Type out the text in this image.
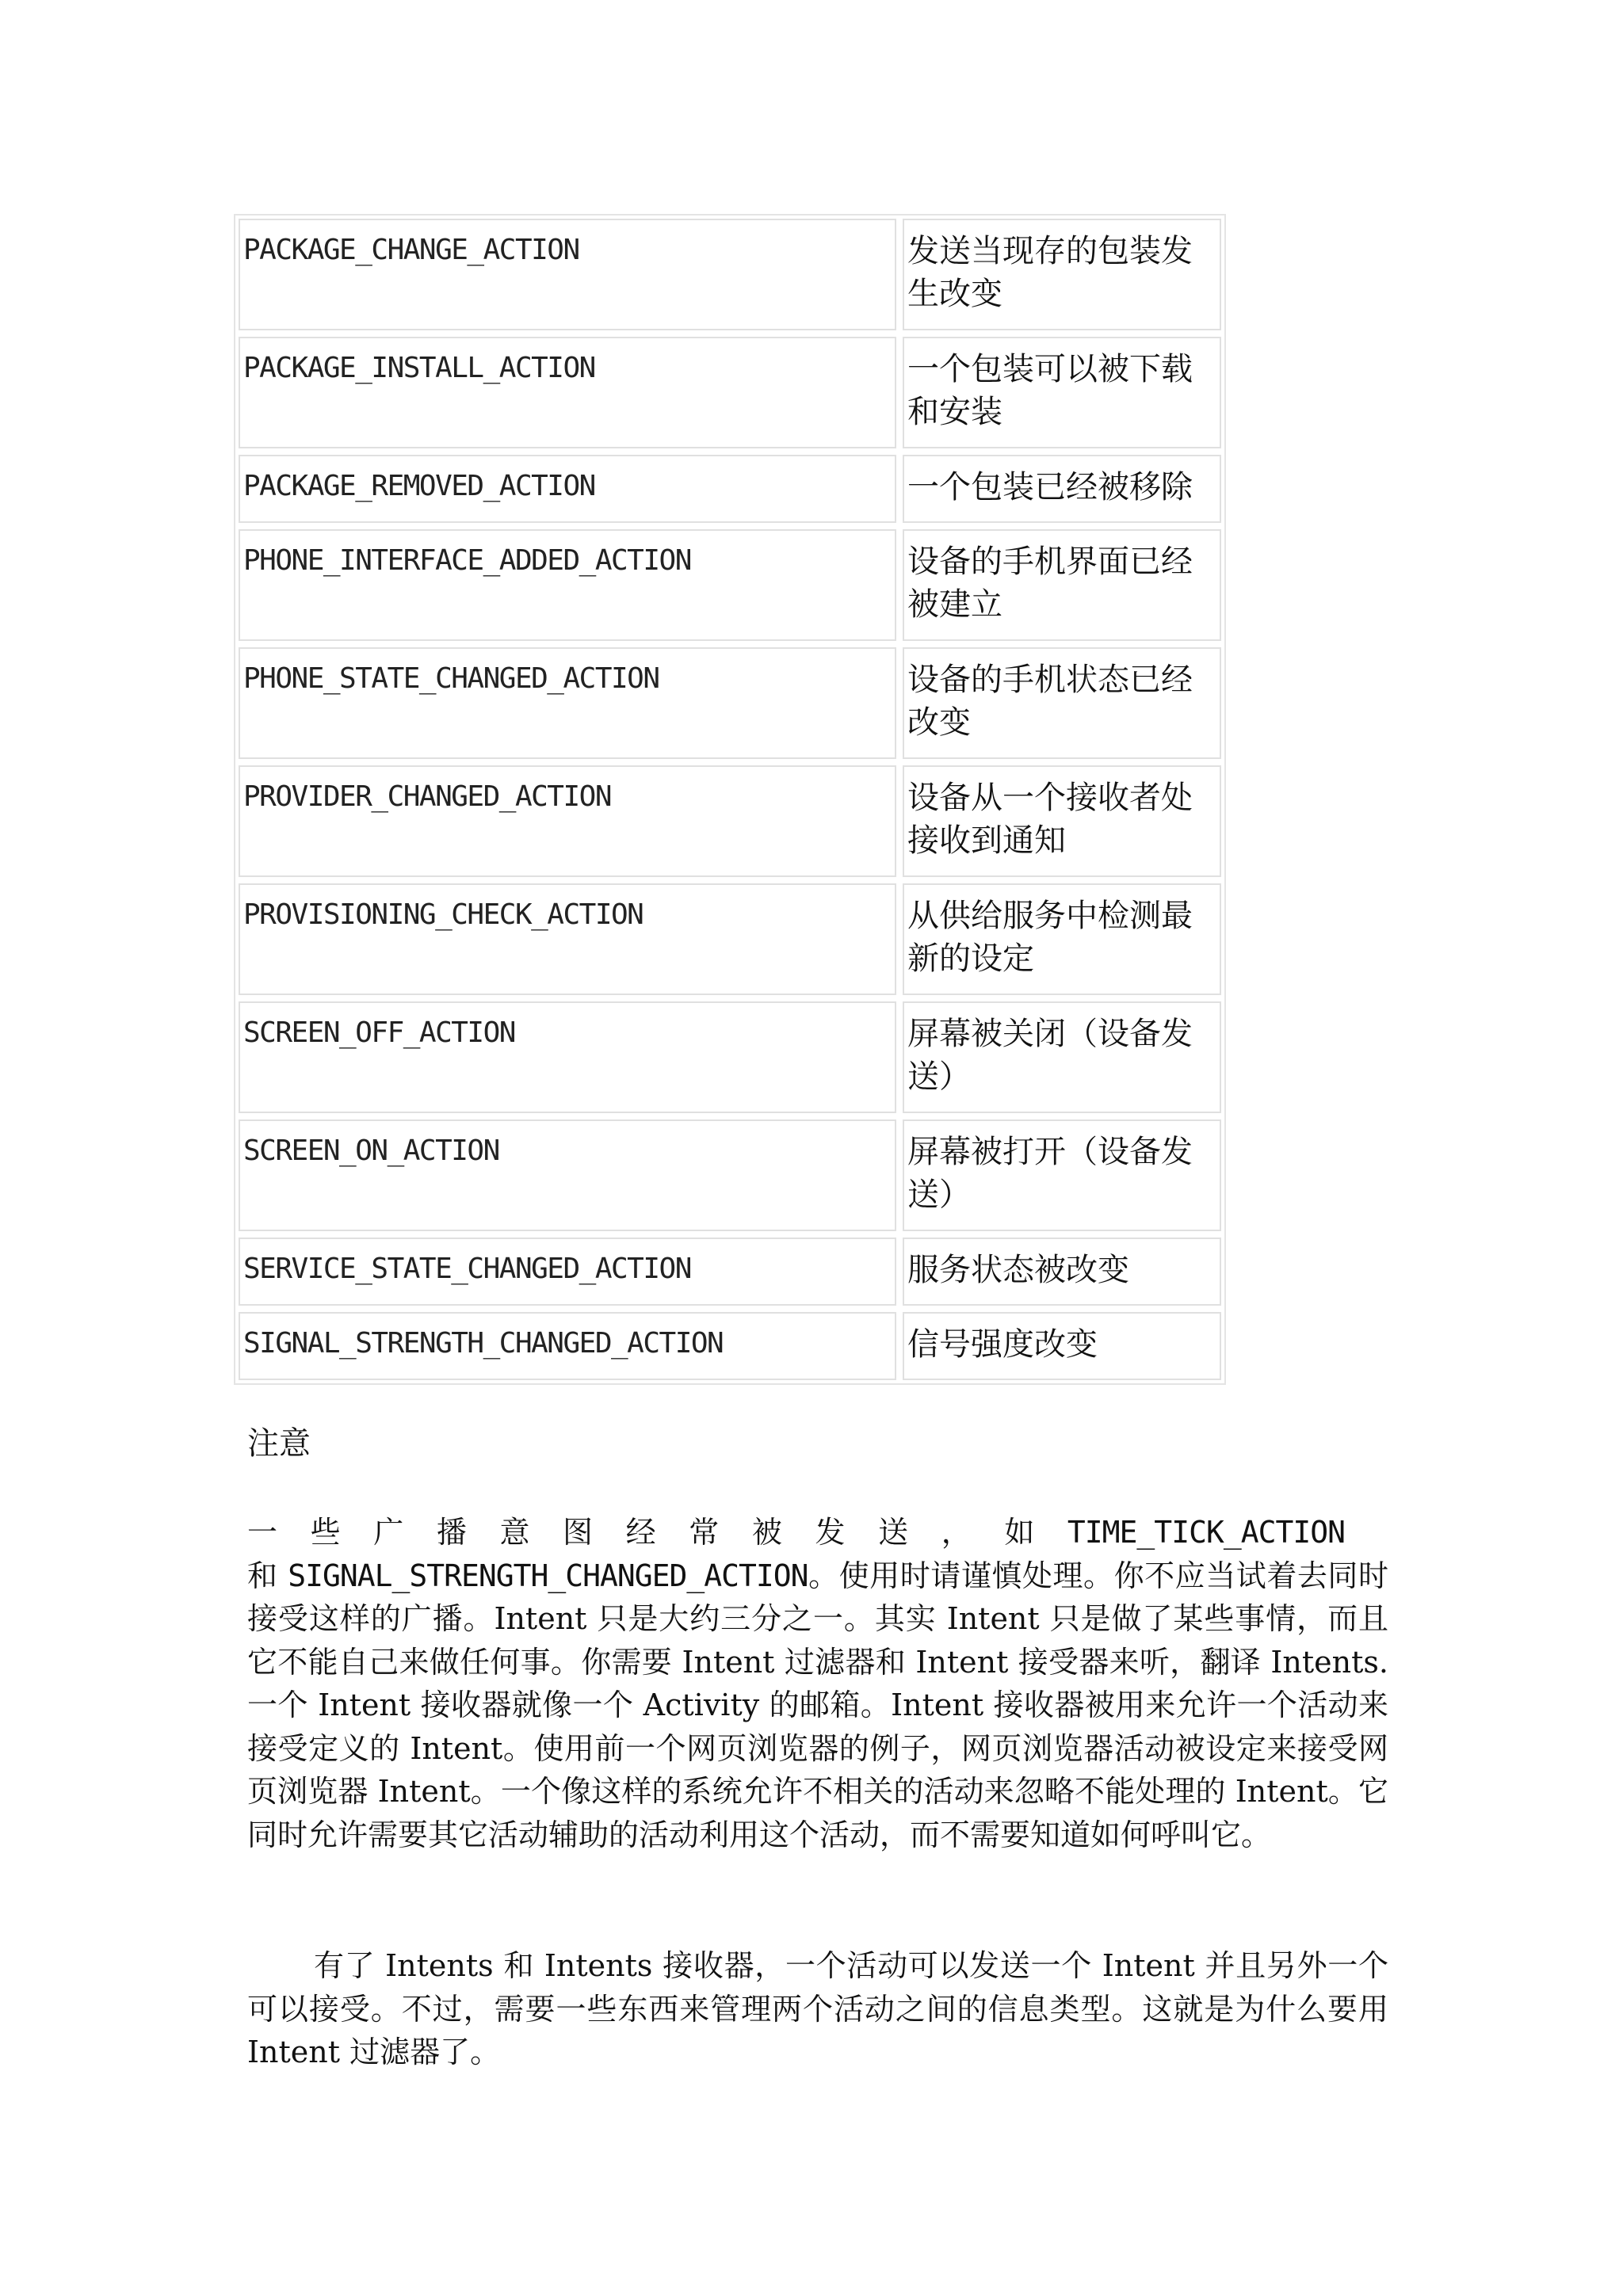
PACKAGE_CHANGE_ACTION	发送当现存的包装发生改变
PACKAGE_INSTALL_ACTION	一个包装可以被下载和安装
PACKAGE_REMOVED_ACTION	一个包装已经被移除
PHONE_INTERFACE_ADDED_ACTION	设备的手机界面已经被建立
PHONE_STATE_CHANGED_ACTION	设备的手机状态已经改变
PROVIDER_CHANGED_ACTION	设备从一个接收者处接收到通知
PROVISIONING_CHECK_ACTION	从供给服务中检测最新的设定
SCREEN_OFF_ACTION	屏幕被关闭（设备发送）
SCREEN_ON_ACTION	屏幕被打开（设备发送）
SERVICE_STATE_CHANGED_ACTION	服务状态被改变
SIGNAL_STRENGTH_CHANGED_ACTION	信号强度改变

注意

一 些 广 播 意 图 经 常 被 发 送 ， 如 TIME_TICK_ACTION
和 SIGNAL_STRENGTH_CHANGED_ACTION。使用时请谨慎处理。你不应当试着去同时接受这样的广播。Intent 只是大约三分之一。其实 Intent 只是做了某些事情，而且它不能自己来做任何事。你需要 Intent 过滤器和 Intent 接受器来听，翻译 Intents. 一个 Intent 接收器就像一个 Activity 的邮箱。Intent 接收器被用来允许一个活动来接受定义的 Intent。使用前一个网页浏览器的例子，网页浏览器活动被设定来接受网页浏览器 Intent。一个像这样的系统允许不相关的活动来忽略不能处理的 Intent。它同时允许需要其它活动辅助的活动利用这个活动，而不需要知道如何呼叫它。

有了 Intents 和 Intents 接收器，一个活动可以发送一个 Intent 并且另外一个可以接受。不过，需要一些东西来管理两个活动之间的信息类型。这就是为什么要用 Intent 过滤器了。
